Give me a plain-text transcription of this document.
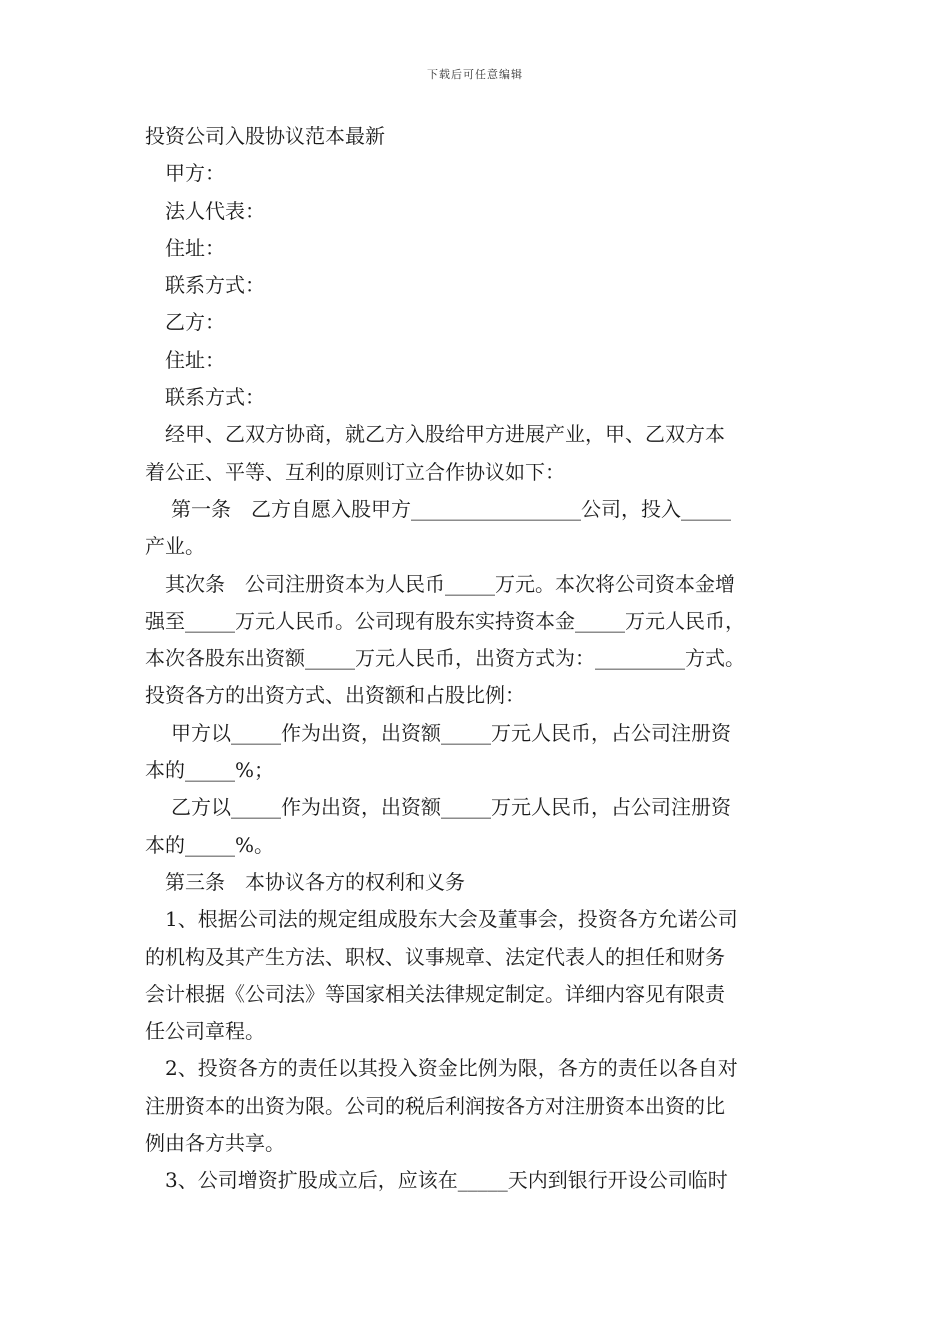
下载后可任意编辑
投资公司入股协议范本最新
甲方：
法人代表：
住址：
联系方式：
乙方：
住址：
联系方式：
经甲、乙双方协商，就乙方入股给甲方进展产业，甲、乙双方本
着公正、平等、互利的原则订立合作协议如下：
第一条　乙方自愿入股甲方_________________公司，投入_____
产业。
其次条　公司注册资本为人民币_____万元。本次将公司资本金增
强至_____万元人民币。公司现有股东实持资本金_____万元人民币，
本次各股东出资额_____万元人民币，出资方式为：_________方式。
投资各方的出资方式、出资额和占股比例：
甲方以_____作为出资，出资额_____万元人民币，占公司注册资
本的_____%；
乙方以_____作为出资，出资额_____万元人民币，占公司注册资
本的_____%。
第三条　本协议各方的权利和义务
1、根据公司法的规定组成股东大会及董事会，投资各方允诺公司
的机构及其产生方法、职权、议事规章、法定代表人的担任和财务
会计根据《公司法》等国家相关法律规定制定。详细内容见有限责
任公司章程。
2、投资各方的责任以其投入资金比例为限，各方的责任以各自对
注册资本的出资为限。公司的税后利润按各方对注册资本出资的比
例由各方共享。
3、公司增资扩股成立后，应该在_____天内到银行开设公司临时
